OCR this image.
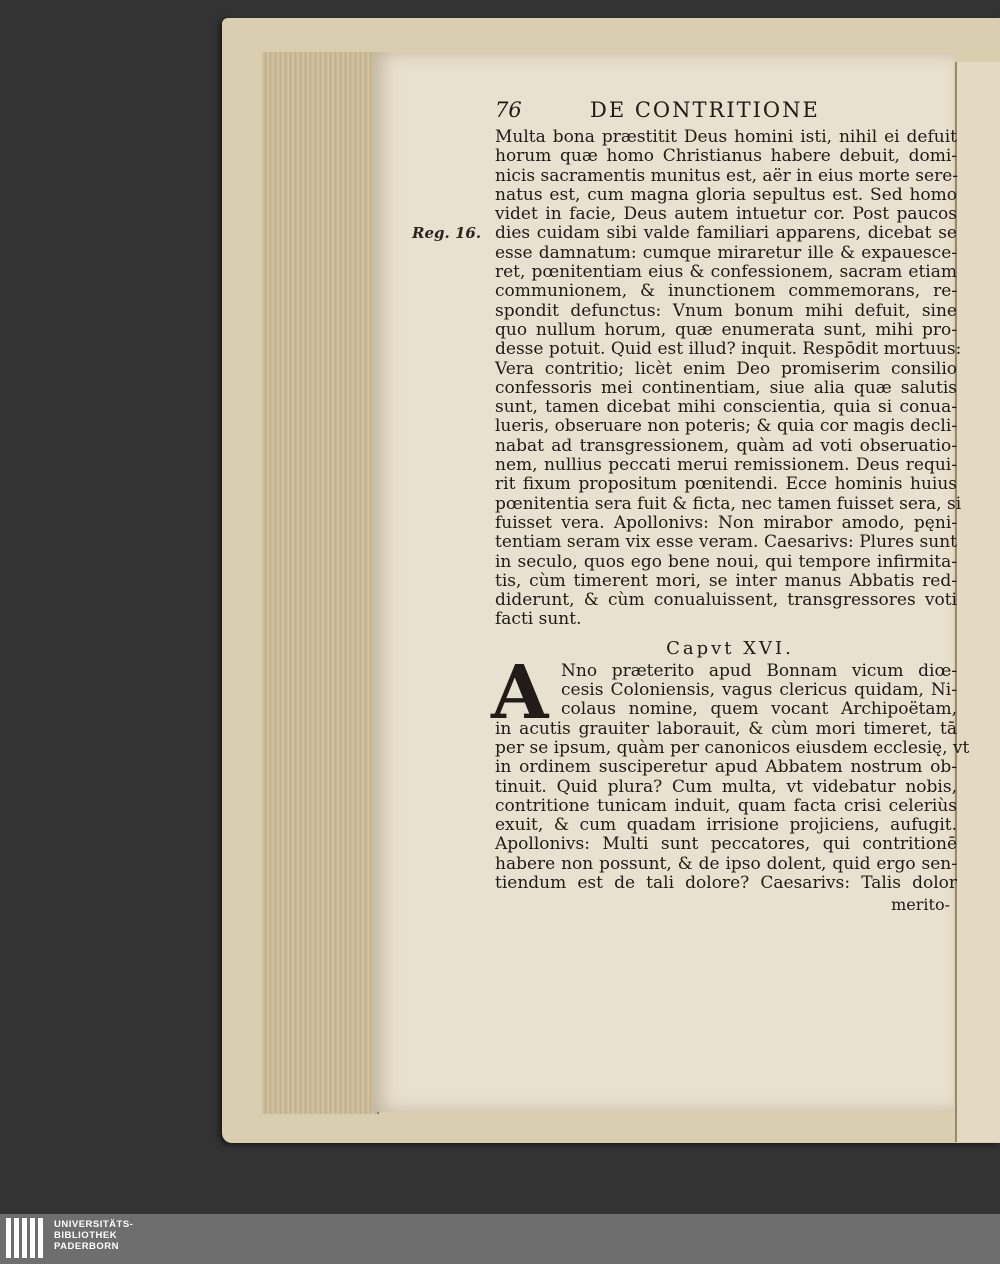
Reg. 16.
76	DE CONTRITIONE
Multa bona præstitit Deus homini isti, nihil ei defuit
horum quæ homo Christianus habere debuit, domi-
nicis sacramentis munitus est, aër in eius morte sere-
natus est, cum magna gloria sepultus est. Sed homo
videt in facie, Deus autem intuetur cor. Post paucos
dies cuidam sibi valde familiari apparens, dicebat se
esse damnatum: cumque miraretur ille & expauesce-
ret, pœnitentiam eius & confessionem, sacram etiam
communionem, & inunctionem commemorans, re-
spondit defunctus: Vnum bonum mihi defuit, sine
quo nullum horum, quæ enumerata sunt, mihi pro-
desse potuit. Quid est illud? inquit. Respōdit mortuus:
Vera contritio; licèt enim Deo promiserim consilio
confessoris mei continentiam, siue alia quæ salutis
sunt, tamen dicebat mihi conscientia, quia si conua-
lueris, obseruare non poteris; & quia cor magis decli-
nabat ad transgressionem, quàm ad voti obseruatio-
nem, nullius peccati merui remissionem. Deus requi-
rit fixum propositum pœnitendi. Ecce hominis huius
pœnitentia sera fuit & ficta, nec tamen fuisset sera, si
fuisset vera. Apollonivs: Non mirabor amodo, pęni-
tentiam seram vix esse veram. Caesarivs: Plures sunt
in seculo, quos ego bene noui, qui tempore infirmita-
tis, cùm timerent mori, se inter manus Abbatis red-
diderunt, & cùm conualuissent, transgressores voti
facti sunt.
Capvt XVI.
A Nno præterito apud Bonnam vicum diœ-
cesis Coloniensis, vagus clericus quidam, Ni-
colaus nomine, quem vocant Archipoëtam,
in acutis grauiter laborauit, & cùm mori timeret, tā
per se ipsum, quàm per canonicos eiusdem ecclesię, vt
in ordinem susciperetur apud Abbatem nostrum ob-
tinuit. Quid plura? Cum multa, vt videbatur nobis,
contritione tunicam induit, quam facta crisi celeriùs
exuit, & cum quadam irrisione projiciens, aufugit.
Apollonivs: Multi sunt peccatores, qui contritionē
habere non possunt, & de ipso dolent, quid ergo sen-
tiendum est de tali dolore? Caesarivs: Talis dolor
merito-
UNIVERSITÄTS-
BIBLIOTHEK
PADERBORN
